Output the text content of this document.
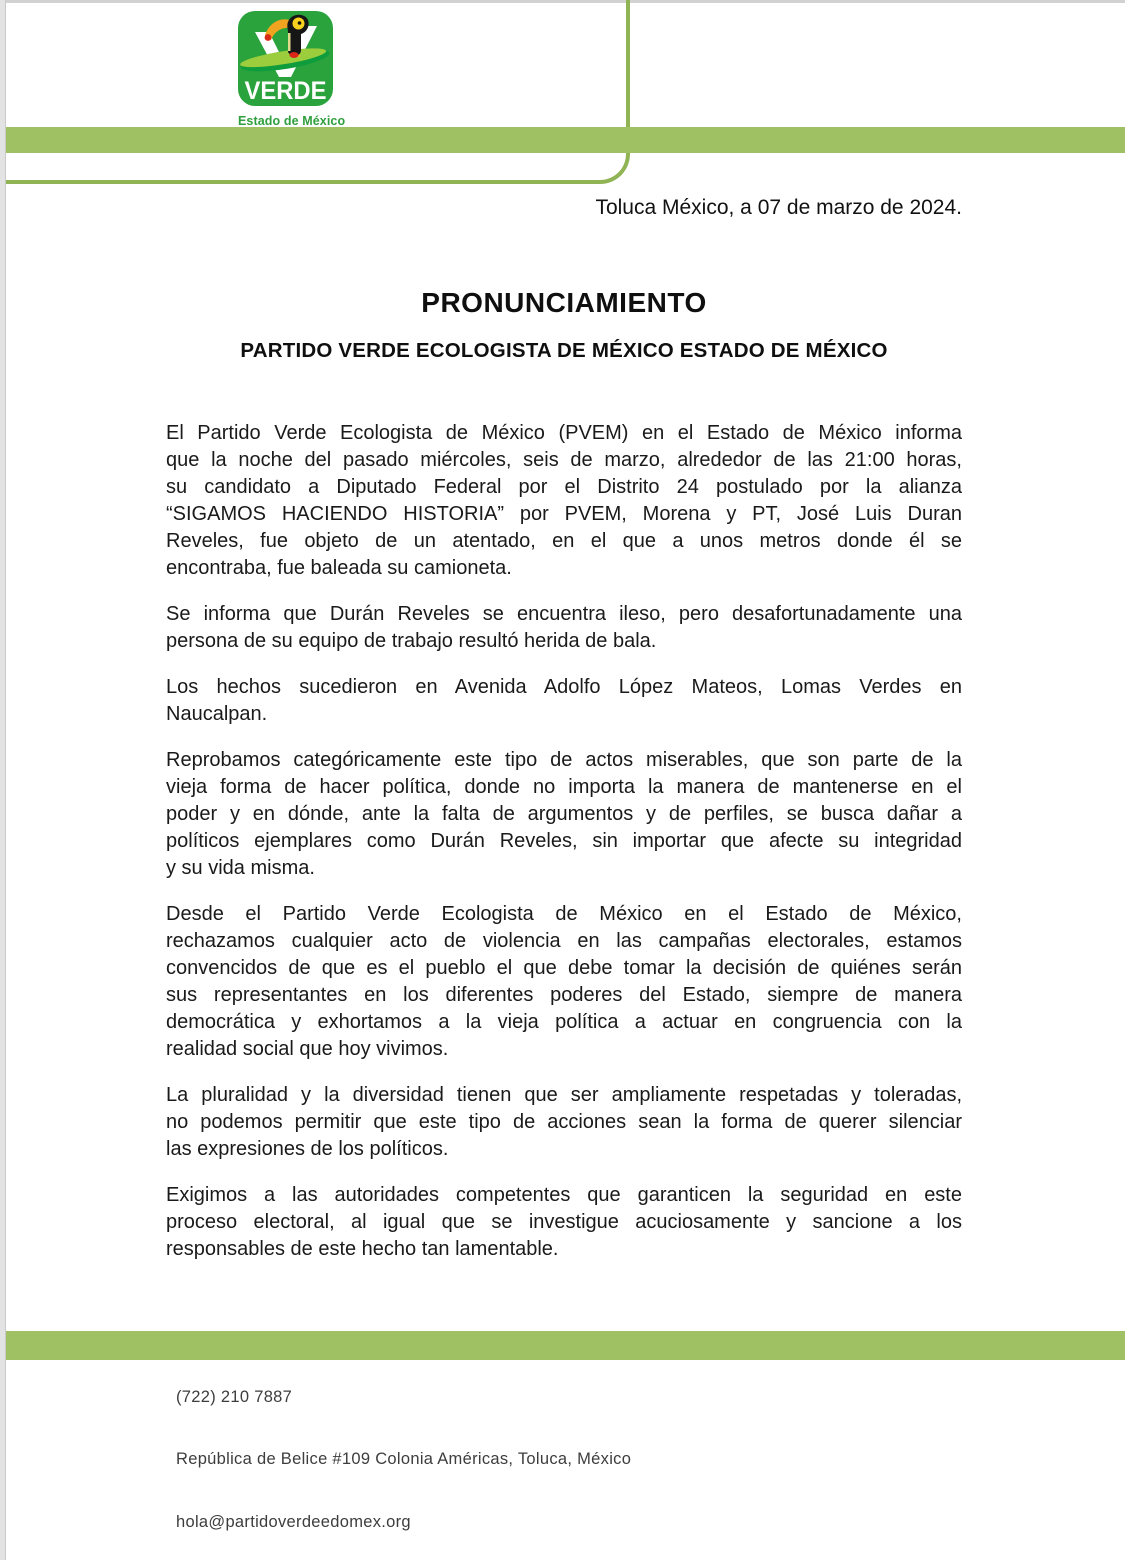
VERDE
Estado de México
Toluca México, a 07 de marzo de 2024.
PRONUNCIAMIENTO
PARTIDO VERDE ECOLOGISTA DE MÉXICO ESTADO DE MÉXICO

El Partido Verde Ecologista de México (PVEM) en el Estado de México informa
que la noche del pasado miércoles, seis de marzo, alrededor de las 21:00 horas,
su candidato a Diputado Federal por el Distrito 24 postulado por la alianza
“SIGAMOS HACIENDO HISTORIA” por PVEM, Morena y PT, José Luis Duran
Reveles, fue objeto de un atentado, en el que a unos metros donde él se
encontraba, fue baleada su camioneta.

Se informa que Durán Reveles se encuentra ileso, pero desafortunadamente una
persona de su equipo de trabajo resultó herida de bala.

Los hechos sucedieron en Avenida Adolfo López Mateos, Lomas Verdes en
Naucalpan.

Reprobamos categóricamente este tipo de actos miserables, que son parte de la
vieja forma de hacer política, donde no importa la manera de mantenerse en el
poder y en dónde, ante la falta de argumentos y de perfiles, se busca dañar a
políticos ejemplares como Durán Reveles, sin importar que afecte su integridad
y su vida misma.

Desde el Partido Verde Ecologista de México en el Estado de México,
rechazamos cualquier acto de violencia en las campañas electorales, estamos
convencidos de que es el pueblo el que debe tomar la decisión de quiénes serán
sus representantes en los diferentes poderes del Estado, siempre de manera
democrática y exhortamos a la vieja política a actuar en congruencia con la
realidad social que hoy vivimos.

La pluralidad y la diversidad tienen que ser ampliamente respetadas y toleradas,
no podemos permitir que este tipo de acciones sean la forma de querer silenciar
las expresiones de los políticos.

Exigimos a las autoridades competentes que garanticen la seguridad en este
proceso electoral, al igual que se investigue acuciosamente y sancione a los
responsables de este hecho tan lamentable.

(722) 210 7887
República de Belice #109 Colonia Américas, Toluca, México
hola@partidoverdeedomex.org
